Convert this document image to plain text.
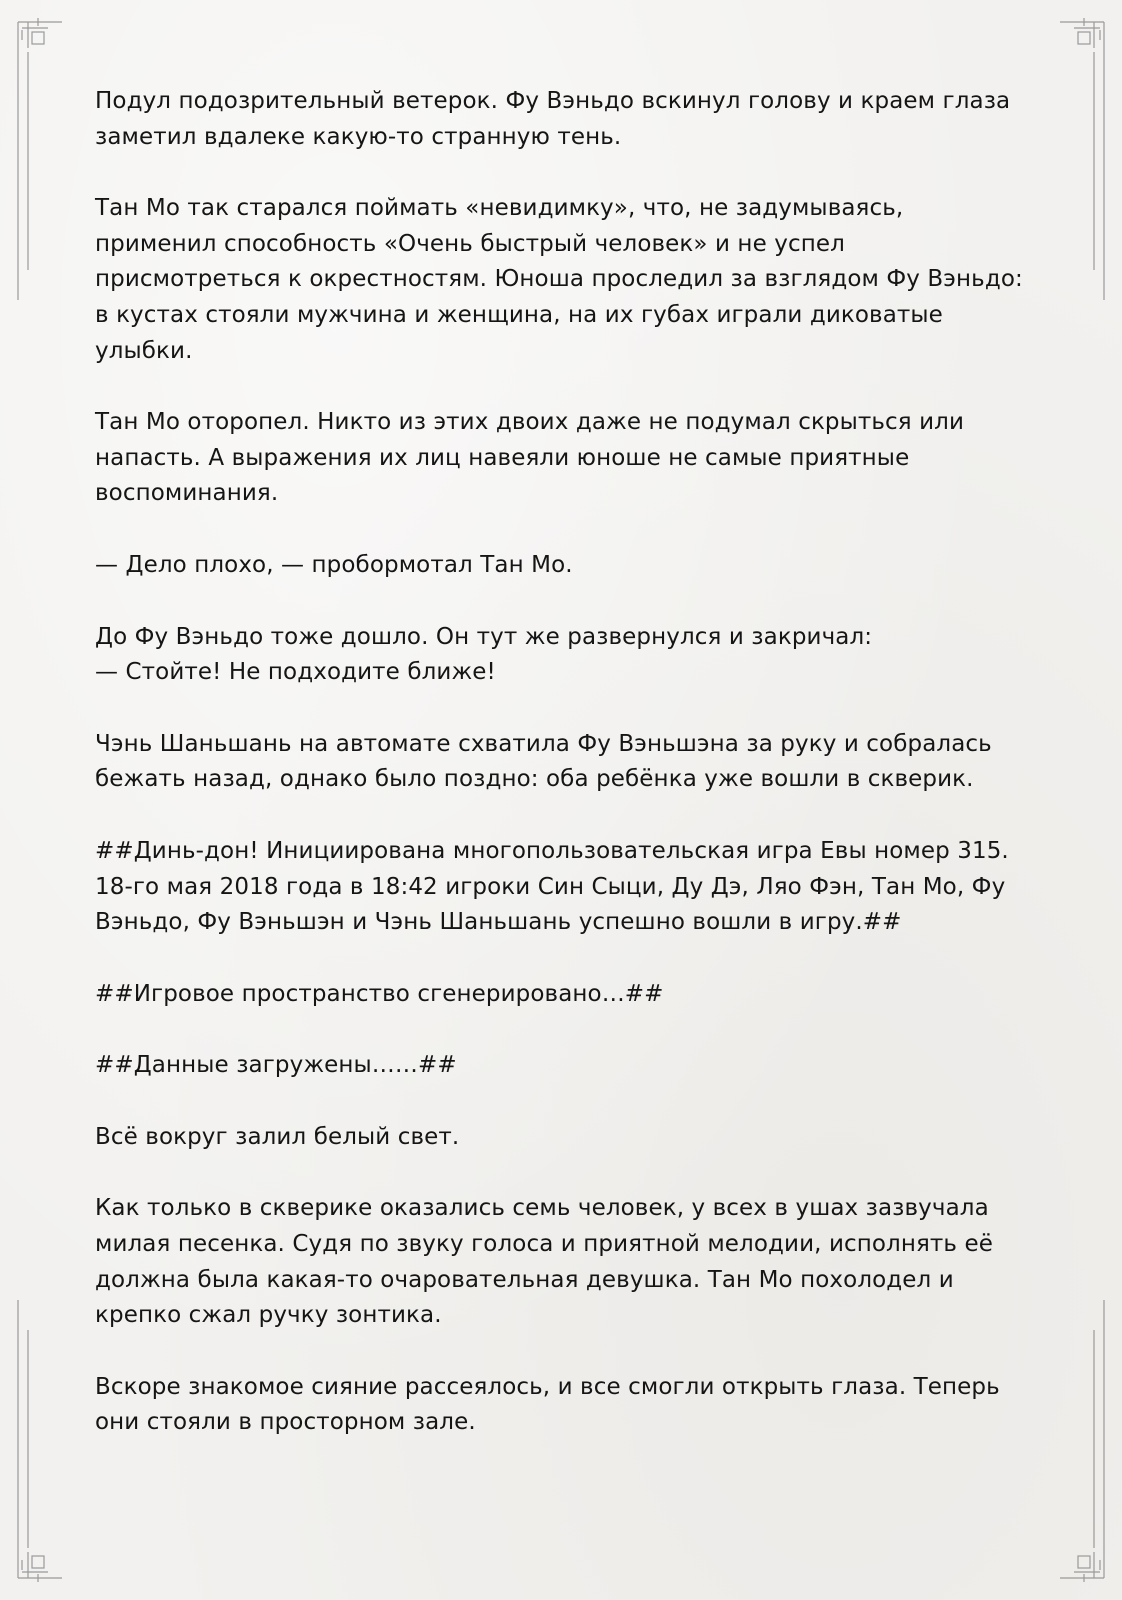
Подул подозрительный ветерок. Фу Вэньдо вскинул голову и краем глаза
заметил вдалеке какую-то странную тень.

Тан Мо так старался поймать «невидимку», что, не задумываясь,
применил способность «Очень быстрый человек» и не успел
присмотреться к окрестностям. Юноша проследил за взглядом Фу Вэньдо:
в кустах стояли мужчина и женщина, на их губах играли диковатые
улыбки.

Тан Мо оторопел. Никто из этих двоих даже не подумал скрыться или
напасть. А выражения их лиц навеяли юноше не самые приятные
воспоминания.

— Дело плохо, — пробормотал Тан Мо.

До Фу Вэньдо тоже дошло. Он тут же развернулся и закричал:
— Стойте! Не подходите ближе!

Чэнь Шаньшань на автомате схватила Фу Вэньшэна за руку и собралась
бежать назад, однако было поздно: оба ребёнка уже вошли в скверик.

##Динь-дон! Инициирована многопользовательская игра Евы номер 315.
18-го мая 2018 года в 18:42 игроки Син Сыци, Ду Дэ, Ляо Фэн, Тан Мо, Фу
Вэньдо, Фу Вэньшэн и Чэнь Шаньшань успешно вошли в игру.##

##Игровое пространство сгенерировано…##

##Данные загружены……##

Всё вокруг залил белый свет.

Как только в скверике оказались семь человек, у всех в ушах зазвучала
милая песенка. Судя по звуку голоса и приятной мелодии, исполнять её
должна была какая-то очаровательная девушка. Тан Мо похолодел и
крепко сжал ручку зонтика.

Вскоре знакомое сияние рассеялось, и все смогли открыть глаза. Теперь
они стояли в просторном зале.
